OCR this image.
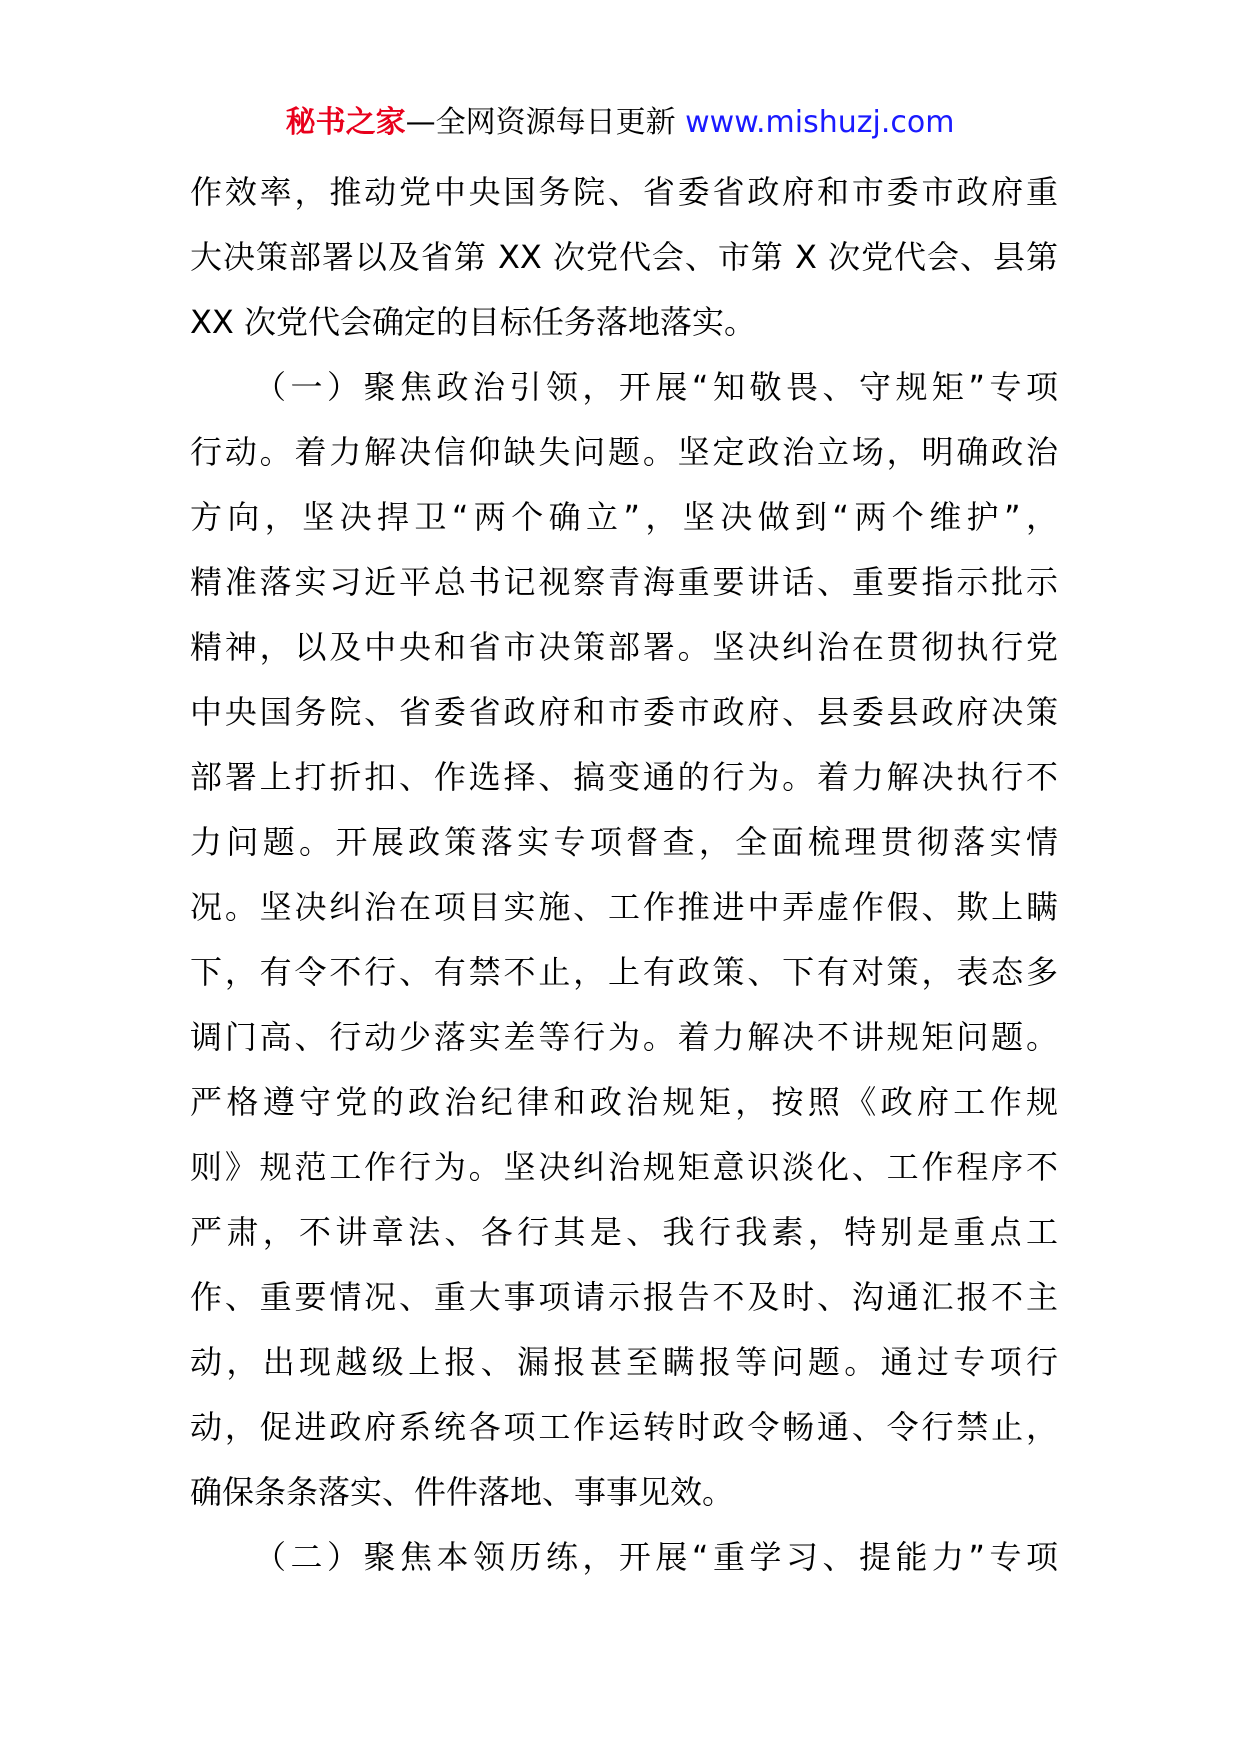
秘书之家—全网资源每日更新 www.mishuzj.com
作效率，推动党中央国务院、省委省政府和市委市政府重
大决策部署以及省第 XX 次党代会、市第 X 次党代会、县第
XX 次党代会确定的目标任务落地落实。
（一）聚焦政治引领，开展“知敬畏、守规矩”专项
行动。着力解决信仰缺失问题。坚定政治立场，明确政治
方向，坚决捍卫“两个确立”，坚决做到“两个维护”，
精准落实习近平总书记视察青海重要讲话、重要指示批示
精神，以及中央和省市决策部署。坚决纠治在贯彻执行党
中央国务院、省委省政府和市委市政府、县委县政府决策
部署上打折扣、作选择、搞变通的行为。着力解决执行不
力问题。开展政策落实专项督查，全面梳理贯彻落实情
况。坚决纠治在项目实施、工作推进中弄虚作假、欺上瞒
下，有令不行、有禁不止，上有政策、下有对策，表态多
调门高、行动少落实差等行为。着力解决不讲规矩问题。
严格遵守党的政治纪律和政治规矩，按照《政府工作规
则》规范工作行为。坚决纠治规矩意识淡化、工作程序不
严肃，不讲章法、各行其是、我行我素，特别是重点工
作、重要情况、重大事项请示报告不及时、沟通汇报不主
动，出现越级上报、漏报甚至瞒报等问题。通过专项行
动，促进政府系统各项工作运转时政令畅通、令行禁止，
确保条条落实、件件落地、事事见效。
（二）聚焦本领历练，开展“重学习、提能力”专项
